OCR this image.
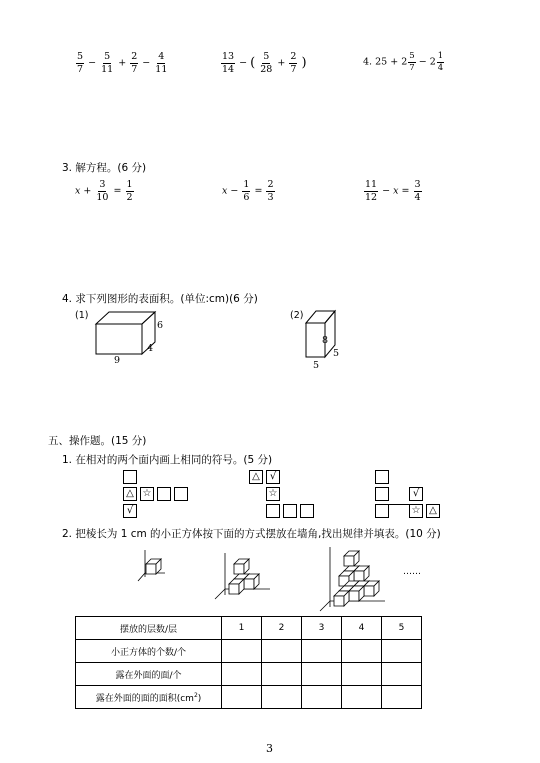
$\frac{5}{7} - \frac{5}{11} + \frac{2}{7} - \frac{4}{11}$	$\frac{13}{14}$ − ( $\frac{5}{28} + \frac{2}{7}$ )	4. $25 + 2 \frac{5}{7} - 2 \frac{1}{4}$
3. 解方程。(6 分)
$x + \frac{3}{10} = \frac{1}{2}$	$x - \frac{1}{6} = \frac{2}{3}$	$\frac{11}{12} - x = \frac{3}{4}$
4. 求下列图形的表面积。(单位:cm)(6 分)
(1)
6
4
9
(2)
8
5
5
五、操作题。(15 分)
1. 在相对的两个面内画上相同的符号。(5 分)
△ ☆
√
△ √
☆	√
☆ △
2. 把棱长为 1 cm 的小正方体按下面的方式摆放在墙角,找出规律并填表。(10 分)
……
摆放的层数/层	1	2	3	4	5
小正方体的个数/个					
露在外面的面/个					
露在外面的面的面积$(cm^2)$					
3
